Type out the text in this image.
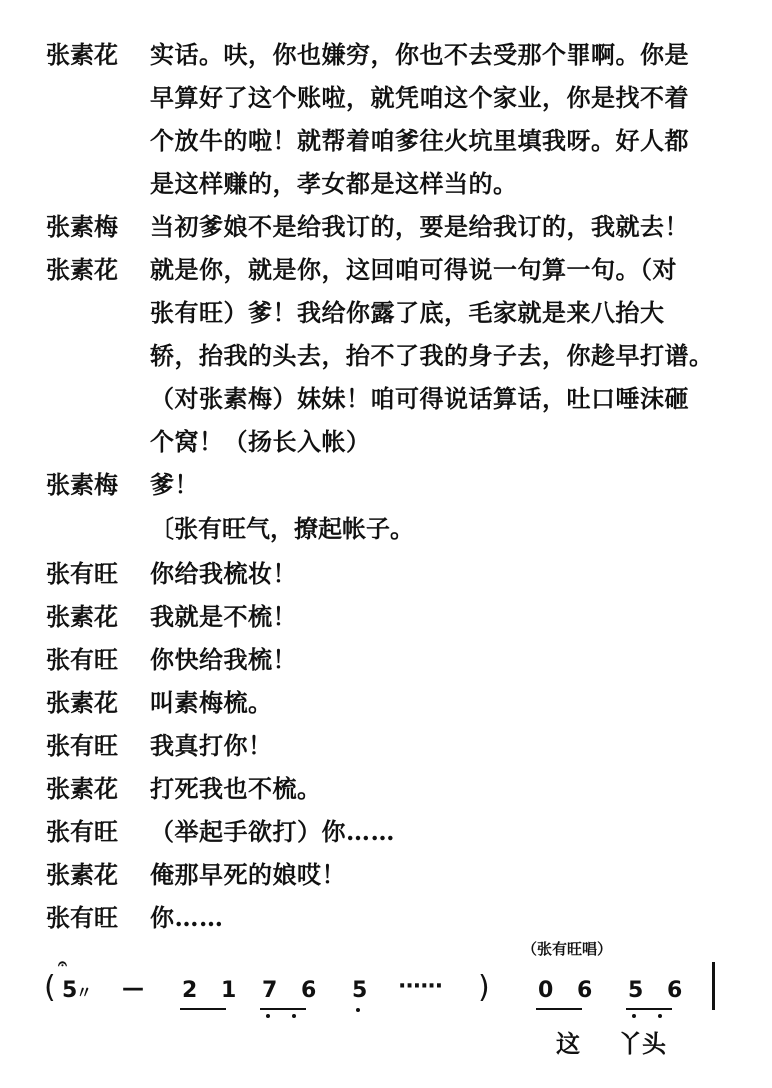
张素花 实话。呋，你也嫌穷，你也不去受那个罪啊。你是
早算好了这个账啦，就凭咱这个家业，你是找不着
个放牛的啦！就帮着咱爹往火坑里填我呀。好人都
是这样赚的，孝女都是这样当的。
张素梅 当初爹娘不是给我订的，要是给我订的，我就去！
张素花 就是你，就是你，这回咱可得说一句算一句。（对
张有旺）爹！我给你露了底，毛家就是来八抬大
轿，抬我的头去，抬不了我的身子去，你趁早打谱。
（对张素梅）妹妹！咱可得说话算话，吐口唾沫砸
个窝！（扬长入帐）
张素梅 爹！
〔张有旺气，撩起帐子。
张有旺 你给我梳妆！
张素花 我就是不梳！
张有旺 你快给我梳！
张素花 叫素梅梳。
张有旺 我真打你！
张素花 打死我也不梳。
张有旺 （举起手欲打）你……
张素花 俺那早死的娘哎！
张有旺 你……
（张有旺唱）
(
𝄐
5
〃 — 2 1 7 6 5 ······ ) 0 6 5 6
这 丫头
